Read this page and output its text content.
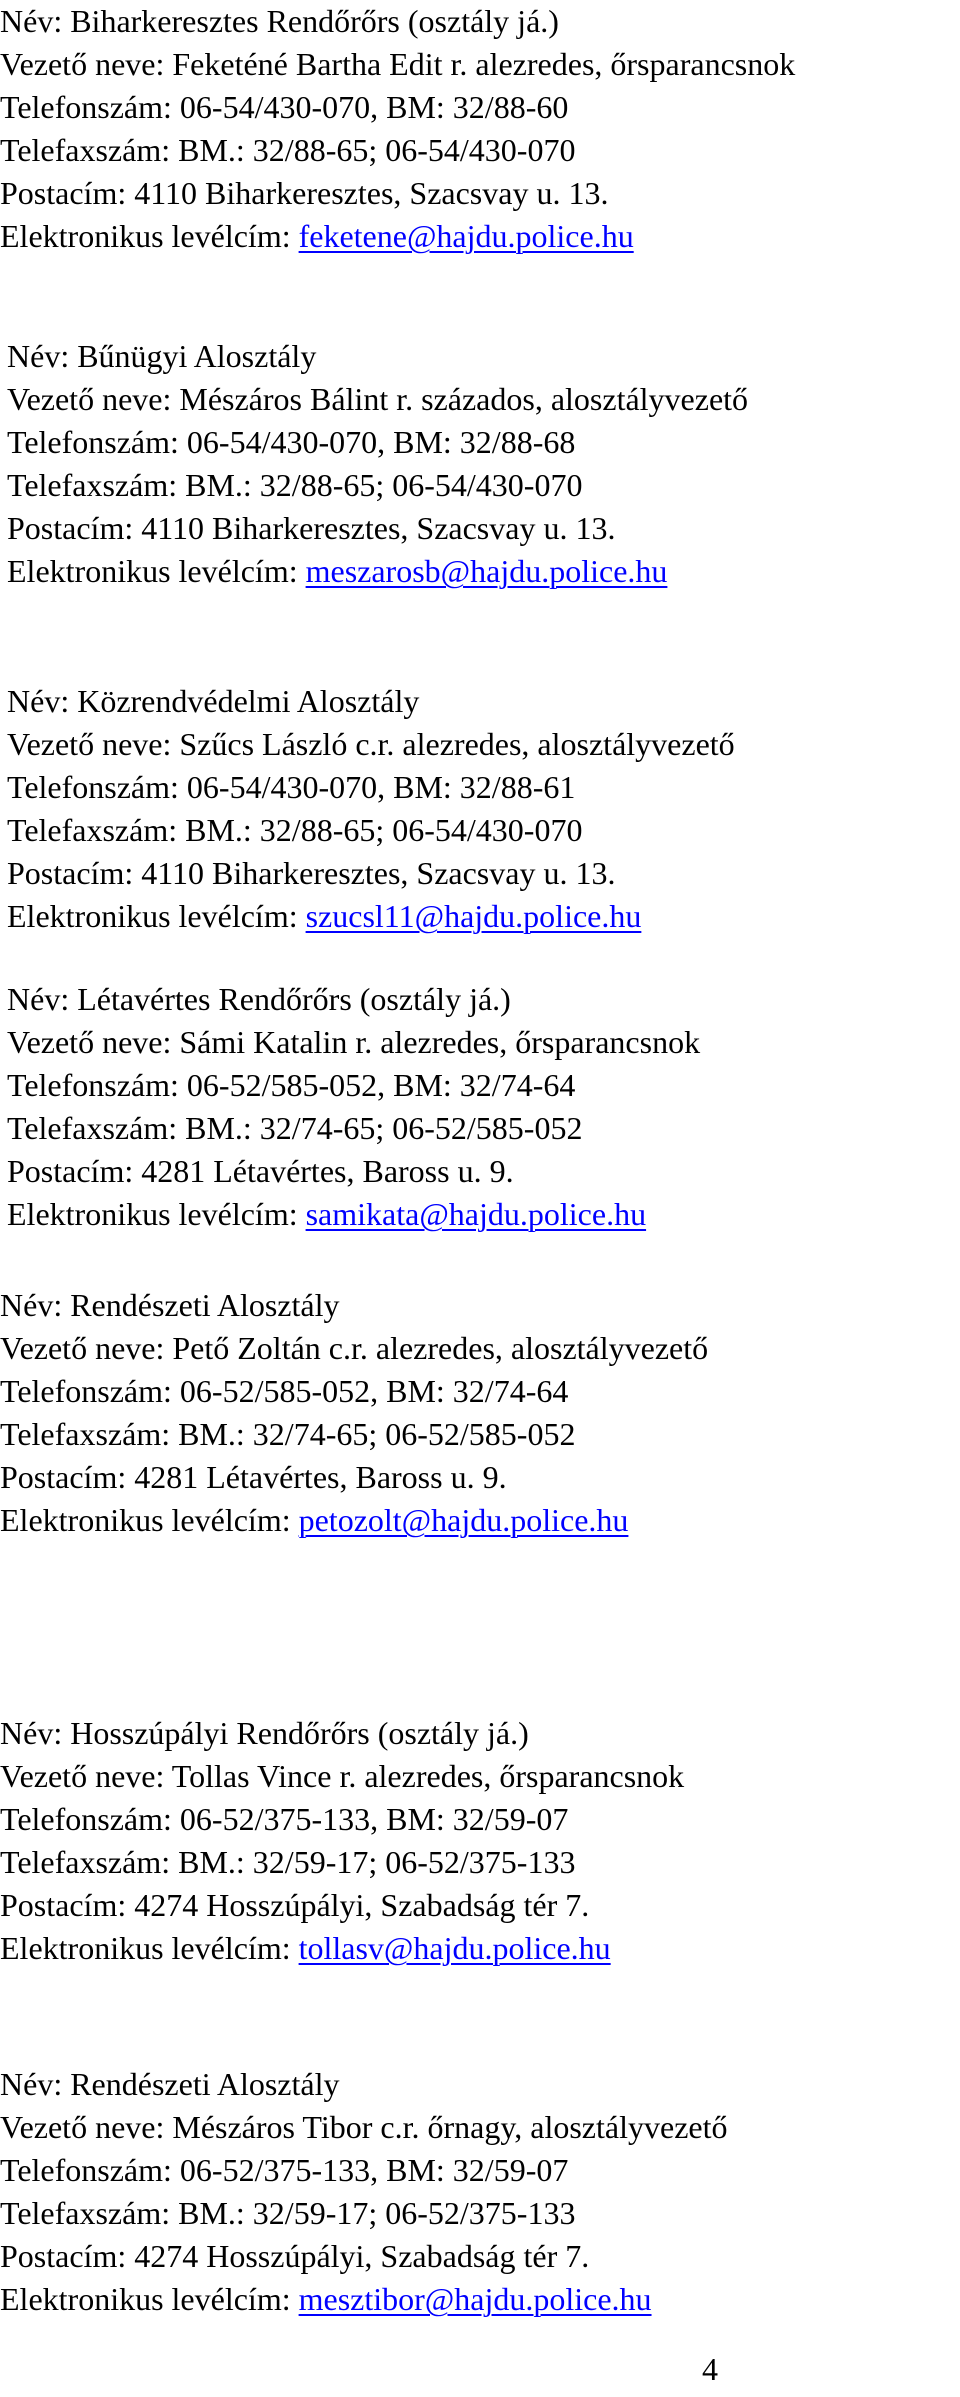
Név: Biharkeresztes Rendőrőrs (osztály já.)
Vezető neve: Feketéné Bartha Edit r. alezredes, őrsparancsnok
Telefonszám: 06-54/430-070, BM: 32/88-60
Telefaxszám: BM.: 32/88-65; 06-54/430-070
Postacím: 4110 Biharkeresztes, Szacsvay u. 13.
Elektronikus levélcím: feketene@hajdu.police.hu
Név: Bűnügyi Alosztály
Vezető neve: Mészáros Bálint r. százados, alosztályvezető
Telefonszám: 06-54/430-070, BM: 32/88-68
Telefaxszám: BM.: 32/88-65; 06-54/430-070
Postacím: 4110 Biharkeresztes, Szacsvay u. 13.
Elektronikus levélcím: meszarosb@hajdu.police.hu
Név: Közrendvédelmi Alosztály
Vezető neve: Szűcs László c.r. alezredes, alosztályvezető
Telefonszám: 06-54/430-070, BM: 32/88-61
Telefaxszám: BM.: 32/88-65; 06-54/430-070
Postacím: 4110 Biharkeresztes, Szacsvay u. 13.
Elektronikus levélcím: szucsl11@hajdu.police.hu
Név: Létavértes Rendőrőrs (osztály já.)
Vezető neve: Sámi Katalin r. alezredes, őrsparancsnok
Telefonszám: 06-52/585-052, BM: 32/74-64
Telefaxszám: BM.: 32/74-65; 06-52/585-052
Postacím: 4281 Létavértes, Baross u. 9.
Elektronikus levélcím: samikata@hajdu.police.hu
Név: Rendészeti Alosztály
Vezető neve: Pető Zoltán c.r. alezredes, alosztályvezető
Telefonszám: 06-52/585-052, BM: 32/74-64
Telefaxszám: BM.: 32/74-65; 06-52/585-052
Postacím: 4281 Létavértes, Baross u. 9.
Elektronikus levélcím: petozolt@hajdu.police.hu
Név: Hosszúpályi Rendőrőrs (osztály já.)
Vezető neve: Tollas Vince r. alezredes, őrsparancsnok
Telefonszám: 06-52/375-133, BM: 32/59-07
Telefaxszám: BM.: 32/59-17; 06-52/375-133
Postacím: 4274 Hosszúpályi, Szabadság tér 7.
Elektronikus levélcím: tollasv@hajdu.police.hu
Név: Rendészeti Alosztály
Vezető neve: Mészáros Tibor c.r. őrnagy, alosztályvezető
Telefonszám: 06-52/375-133, BM: 32/59-07
Telefaxszám: BM.: 32/59-17; 06-52/375-133
Postacím: 4274 Hosszúpályi, Szabadság tér 7.
Elektronikus levélcím: mesztibor@hajdu.police.hu
4
